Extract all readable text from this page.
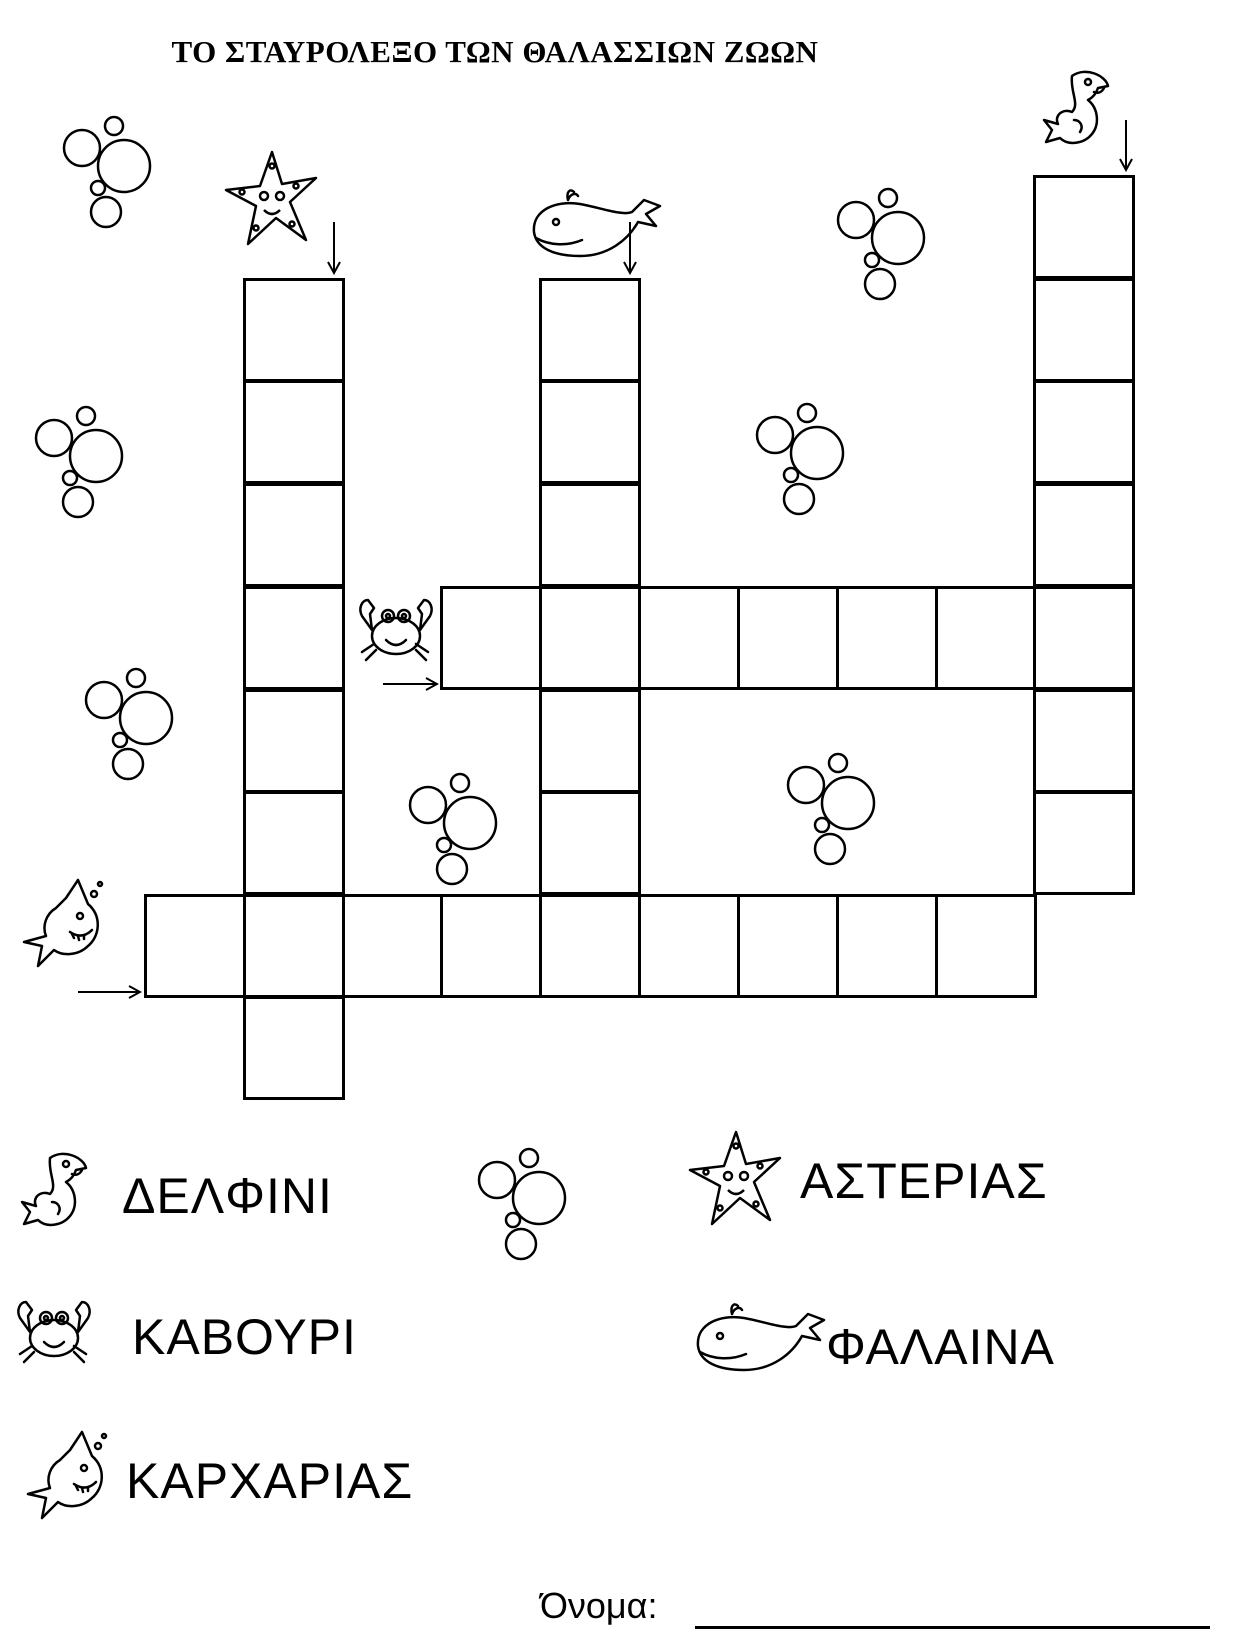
ΤΟ ΣΤΑΥΡΟΛΕΞΟ ΤΩΝ ΘΑΛΑΣΣΙΩΝ ΖΩΩΝ
ΔΕΛΦΙΝΙ
ΚΑΒΟΥΡΙ
ΚΑΡΧΑΡΙΑΣ
ΑΣΤΕΡΙΑΣ
ΦΑΛΑΙΝΑ
Όνομα:
